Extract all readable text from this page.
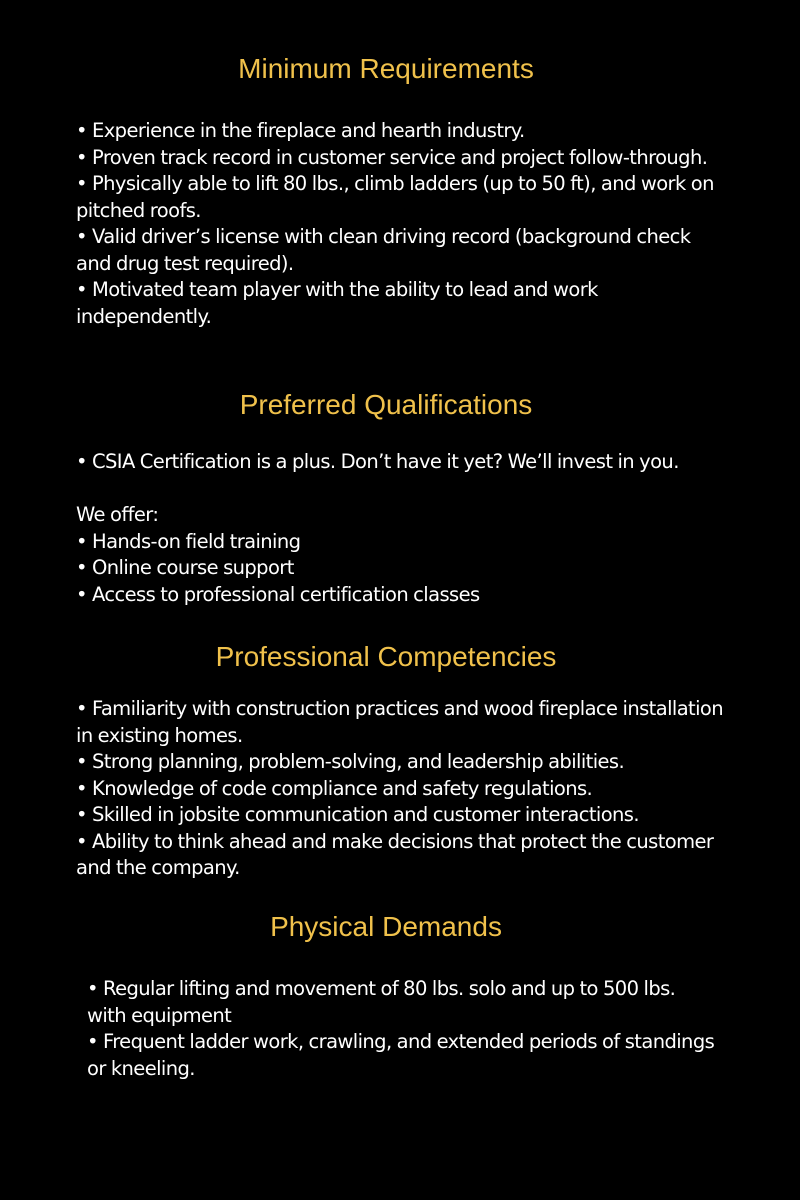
Minimum Requirements
• Experience in the fireplace and hearth industry.
• Proven track record in customer service and project follow-through.
• Physically able to lift 80 lbs., climb ladders (up to 50 ft), and work on pitched roofs.
• Valid driver’s license with clean driving record (background check and drug test required).
• Motivated team player with the ability to lead and work independently.
Preferred Qualifications
• CSIA Certification is a plus. Don’t have it yet? We’ll invest in you.
We offer:
• Hands-on field training
• Online course support
• Access to professional certification classes
Professional Competencies
• Familiarity with construction practices and wood fireplace installation in existing homes.
• Strong planning, problem-solving, and leadership abilities.
• Knowledge of code compliance and safety regulations.
• Skilled in jobsite communication and customer interactions.
• Ability to think ahead and make decisions that protect the customer and the company.
Physical Demands
• Regular lifting and movement of 80 lbs. solo and up to 500 lbs. with equipment
• Frequent ladder work, crawling, and extended periods of standings or kneeling.
